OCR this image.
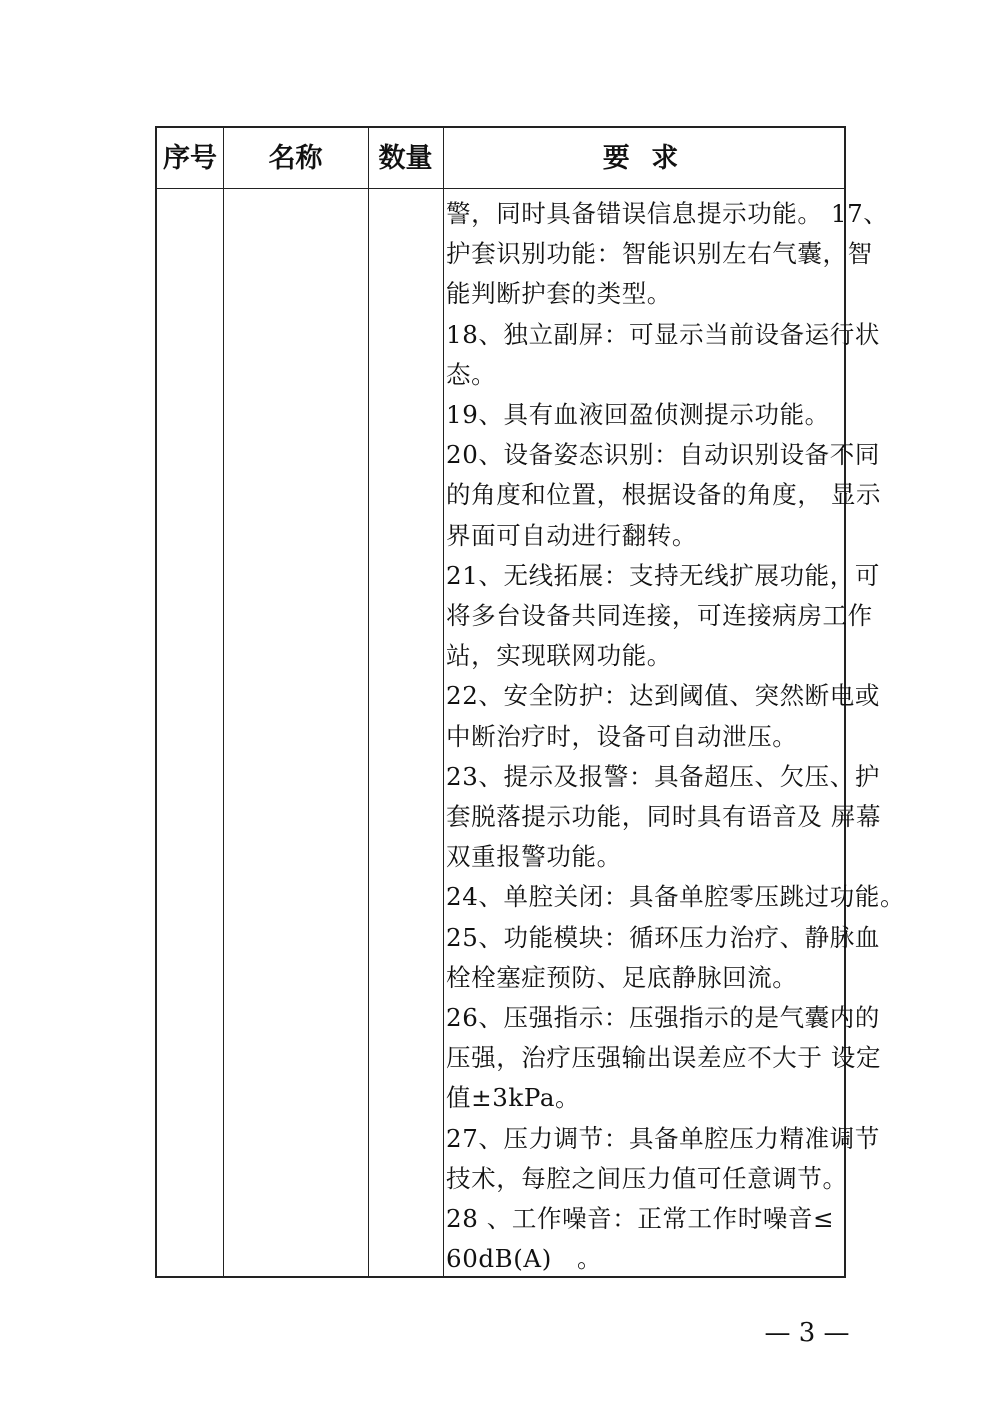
序号	名称	数量	要 求
警，同时具备错误信息提示功能。 17、
护套识别功能：智能识别左右气囊，智
能判断护套的类型。
18、独立副屏：可显示当前设备运行状
态。
19、具有血液回盈侦测提示功能。
20、设备姿态识别：自动识别设备不同
的角度和位置，根据设备的角度， 显示
界面可自动进行翻转。
21、无线拓展：支持无线扩展功能，可
将多台设备共同连接，可连接病房工作
站，实现联网功能。
22、安全防护：达到阈值、突然断电或
中断治疗时，设备可自动泄压。
23、提示及报警：具备超压、欠压、护
套脱落提示功能，同时具有语音及 屏幕
双重报警功能。
24、单腔关闭：具备单腔零压跳过功能。
25、功能模块：循环压力治疗、静脉血
栓栓塞症预防、足底静脉回流。
26、压强指示：压强指示的是气囊内的
压强，治疗压强输出误差应不大于 设定
值±3kPa。
27、压力调节：具备单腔压力精准调节
技术，每腔之间压力值可任意调节。
28 、工作噪音：正常工作时噪音≤
60dB(A)　。
— 3 —
